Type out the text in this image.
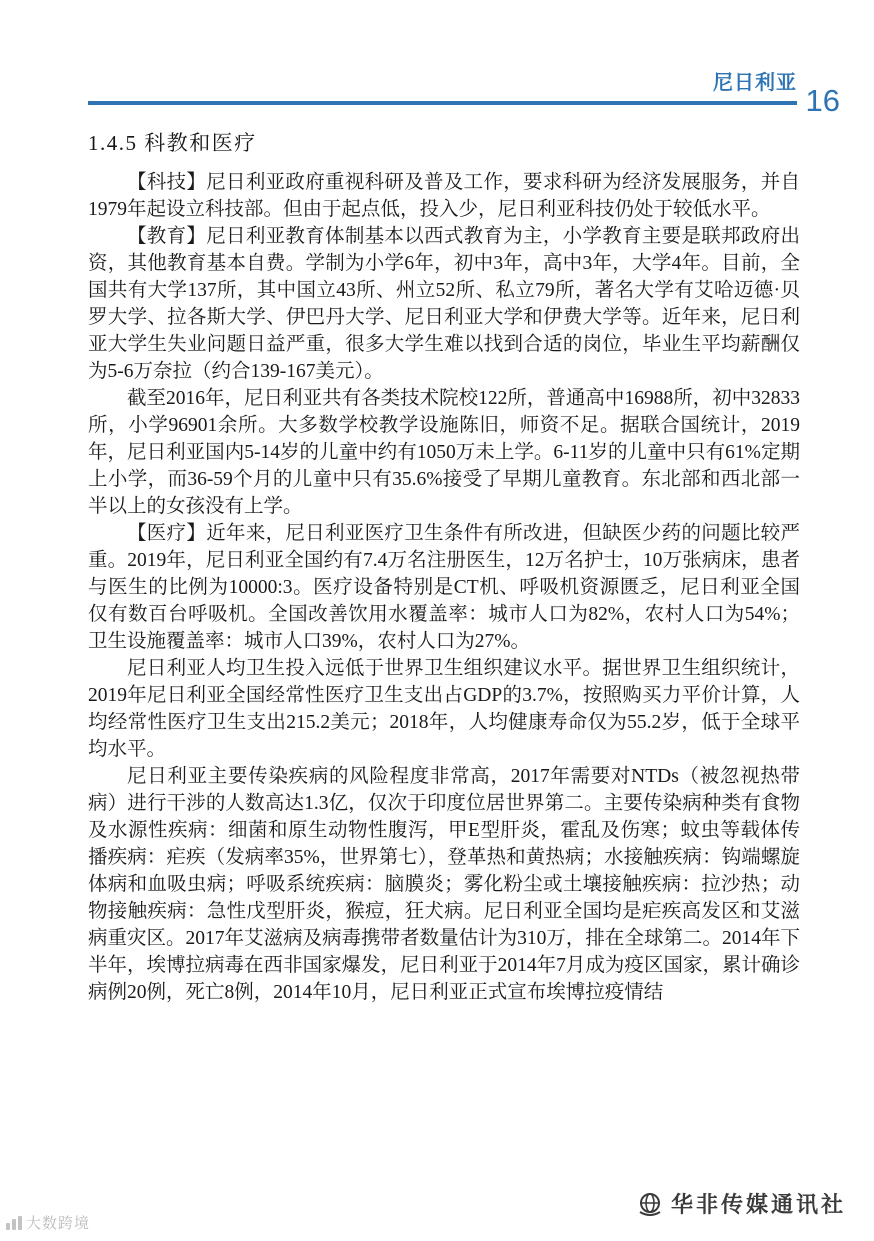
尼日利亚 16
1.4.5 科教和医疗

【科技】尼日利亚政府重视科研及普及工作，要求科研为经济发展服务，并自1979年起设立科技部。但由于起点低，投入少，尼日利亚科技仍处于较低水平。

【教育】尼日利亚教育体制基本以西式教育为主，小学教育主要是联邦政府出资，其他教育基本自费。学制为小学6年，初中3年，高中3年，大学4年。目前，全国共有大学137所，其中国立43所、州立52所、私立79所，著名大学有艾哈迈德·贝罗大学、拉各斯大学、伊巴丹大学、尼日利亚大学和伊费大学等。近年来，尼日利亚大学生失业问题日益严重，很多大学生难以找到合适的岗位，毕业生平均薪酬仅为5-6万奈拉（约合139-167美元）。

截至2016年，尼日利亚共有各类技术院校122所，普通高中16988所，初中32833所，小学96901余所。大多数学校教学设施陈旧，师资不足。据联合国统计，2019年，尼日利亚国内5-14岁的儿童中约有1050万未上学。6-11岁的儿童中只有61%定期上小学，而36-59个月的儿童中只有35.6%接受了早期儿童教育。东北部和西北部一半以上的女孩没有上学。

【医疗】近年来，尼日利亚医疗卫生条件有所改进，但缺医少药的问题比较严重。2019年，尼日利亚全国约有7.4万名注册医生，12万名护士，10万张病床，患者与医生的比例为10000:3。医疗设备特别是CT机、呼吸机资源匮乏，尼日利亚全国仅有数百台呼吸机。全国改善饮用水覆盖率：城市人口为82%，农村人口为54%；卫生设施覆盖率：城市人口39%，农村人口为27%。

尼日利亚人均卫生投入远低于世界卫生组织建议水平。据世界卫生组织统计，2019年尼日利亚全国经常性医疗卫生支出占GDP的3.7%，按照购买力平价计算，人均经常性医疗卫生支出215.2美元；2018年，人均健康寿命仅为55.2岁，低于全球平均水平。

尼日利亚主要传染疾病的风险程度非常高，2017年需要对NTDs（被忽视热带病）进行干涉的人数高达1.3亿，仅次于印度位居世界第二。主要传染病种类有食物及水源性疾病：细菌和原生动物性腹泻，甲E型肝炎，霍乱及伤寒；蚊虫等载体传播疾病：疟疾（发病率35%，世界第七），登革热和黄热病；水接触疾病：钩端螺旋体病和血吸虫病；呼吸系统疾病：脑膜炎；雾化粉尘或土壤接触疾病：拉沙热；动物接触疾病：急性戊型肝炎，猴痘，狂犬病。尼日利亚全国均是疟疾高发区和艾滋病重灾区。2017年艾滋病及病毒携带者数量估计为310万，排在全球第二。2014年下半年，埃博拉病毒在西非国家爆发，尼日利亚于2014年7月成为疫区国家，累计确诊病例20例，死亡8例，2014年10月，尼日利亚正式宣布埃博拉疫情结

大数跨境
华非传媒通讯社
